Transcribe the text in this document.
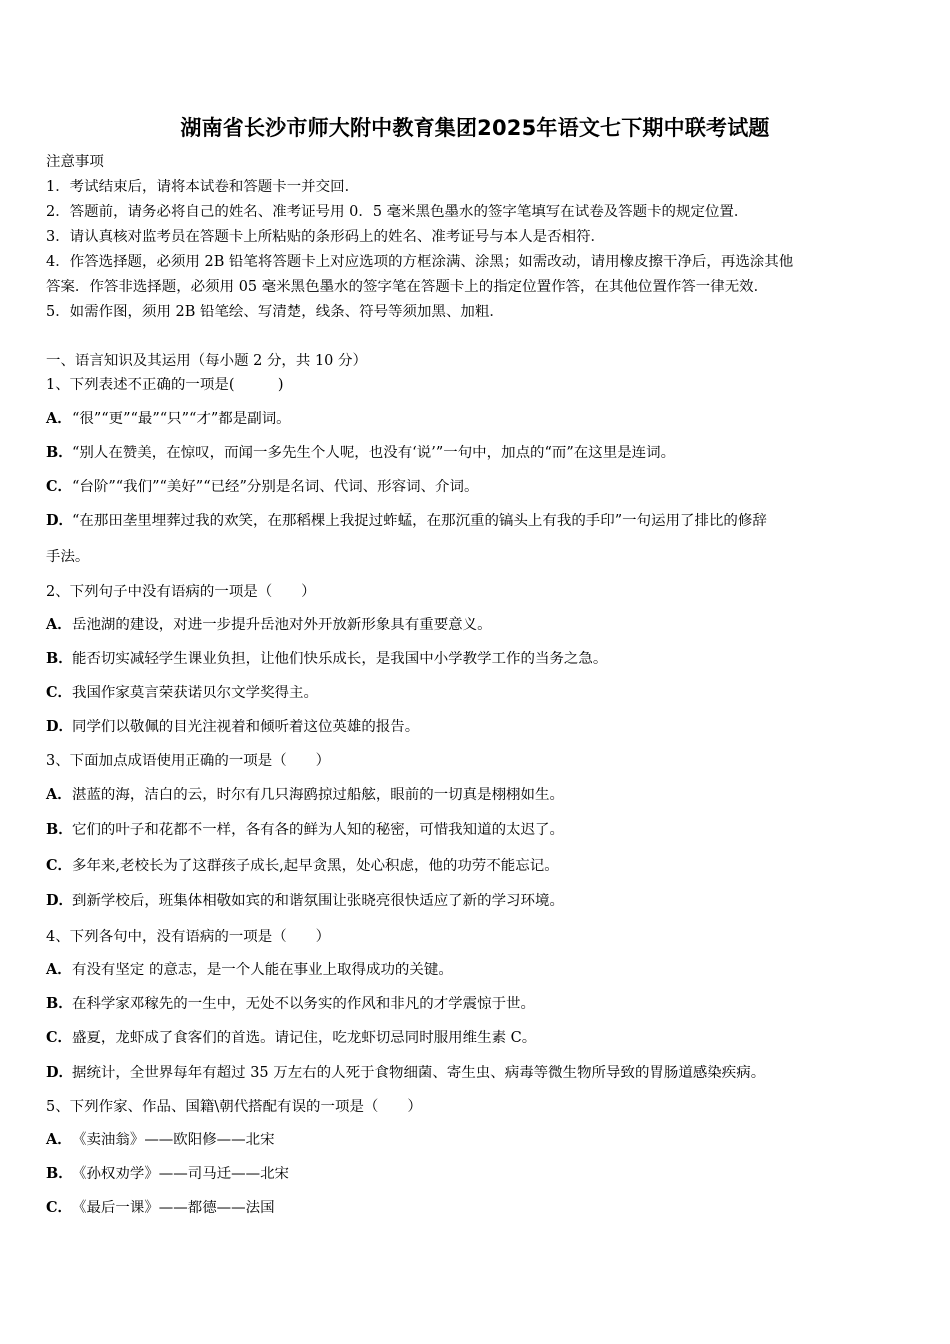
湖南省长沙市师大附中教育集团2025年语文七下期中联考试题
注意事项
1．考试结束后，请将本试卷和答题卡一并交回．
2．答题前，请务必将自己的姓名、准考证号用 0．5 毫米黑色墨水的签字笔填写在试卷及答题卡的规定位置．
3．请认真核对监考员在答题卡上所粘贴的条形码上的姓名、准考证号与本人是否相符．
4．作答选择题，必须用 2B 铅笔将答题卡上对应选项的方框涂满、涂黑；如需改动，请用橡皮擦干净后，再选涂其他
答案．作答非选择题，必须用 05 毫米黑色墨水的签字笔在答题卡上的指定位置作答，在其他位置作答一律无效．
5．如需作图，须用 2B 铅笔绘、写清楚，线条、符号等须加黑、加粗．
一、语言知识及其运用（每小题 2 分，共 10 分）
1、下列表述不正确的一项是(　　　)
A．“很”“更”“最”“只”“才”都是副词。
B．“别人在赞美，在惊叹，而闻一多先生个人呢，也没有‘说’”一句中，加点的“而”在这里是连词。
C．“台阶”“我们”“美好”“已经”分别是名词、代词、形容词、介词。
D．“在那田垄里埋葬过我的欢笑，在那稻棵上我捉过蚱蜢，在那沉重的镐头上有我的手印”一句运用了排比的修辞
手法。
2、下列句子中没有语病的一项是（　　）
A．岳池湖的建设，对进一步提升岳池对外开放新形象具有重要意义。
B．能否切实减轻学生课业负担，让他们快乐成长，是我国中小学教学工作的当务之急。
C．我国作家莫言荣获诺贝尔文学奖得主。
D．同学们以敬佩的目光注视着和倾听着这位英雄的报告。
3、下面加点成语使用正确的一项是（　　）
A．湛蓝的海，洁白的云，时尔有几只海鸥掠过船舷，眼前的一切真是栩栩如生。
B．它们的叶子和花都不一样，各有各的鲜为人知的秘密，可惜我知道的太迟了。
C．多年来,老校长为了这群孩子成长,起早贪黑，处心积虑，他的功劳不能忘记。
D．到新学校后，班集体相敬如宾的和谐氛围让张晓亮很快适应了新的学习环境。
4、下列各句中，没有语病的一项是（　　）
A．有没有坚定 的意志，是一个人能在事业上取得成功的关键。
B．在科学家邓稼先的一生中，无处不以务实的作风和非凡的才学震惊于世。
C．盛夏，龙虾成了食客们的首选。请记住，吃龙虾切忌同时服用维生素 C。
D．据统计，全世界每年有超过 35 万左右的人死于食物细菌、寄生虫、病毒等微生物所导致的胃肠道感染疾病。
5、下列作家、作品、国籍\朝代搭配有误的一项是（　　）
A．《卖油翁》——欧阳修——北宋
B．《孙权劝学》——司马迁——北宋
C．《最后一课》——都德——法国
